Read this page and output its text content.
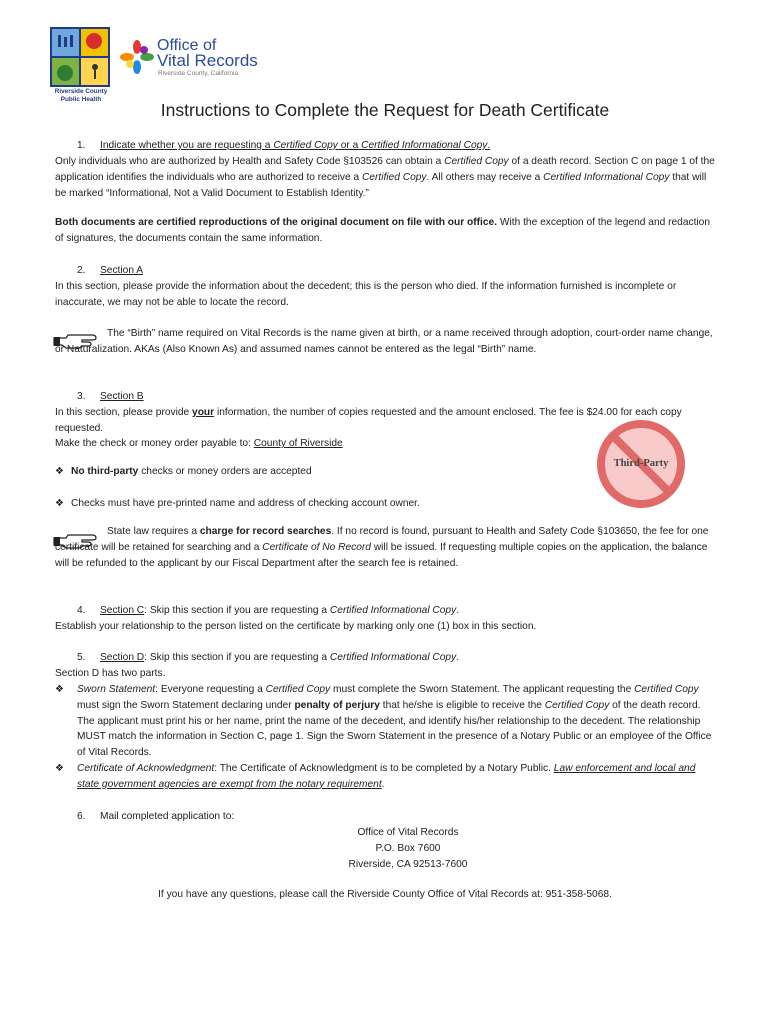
Riverside County Public Health
Office of
Vital Records
Riverside County, California
Instructions to Complete the Request for Death Certificate
1. Indicate whether you are requesting a Certified Copy or a Certified Informational Copy.
Only individuals who are authorized by Health and Safety Code §103526 can obtain a Certified Copy of a death record. Section C on page 1 of the application identifies the individuals who are authorized to receive a Certified Copy. All others may receive a Certified Informational Copy that will be marked “Informational, Not a Valid Document to Establish Identity.”
Both documents are certified reproductions of the original document on file with our office. With the exception of the legend and redaction of signatures, the documents contain the same information.
2. Section A
In this section, please provide the information about the decedent; this is the person who died. If the information furnished is incomplete or inaccurate, we may not be able to locate the record.
The “Birth” name required on Vital Records is the name given at birth, or a name received through adoption, court-order name change, or Naturalization. AKAs (Also Known As) and assumed names cannot be entered as the legal “Birth” name.
3. Section B
In this section, please provide your information, the number of copies requested and the amount enclosed. The fee is $24.00 for each copy requested.
Make the check or money order payable to: County of Riverside
❖ No third-party checks or money orders are accepted
❖ Checks must have pre-printed name and address of checking account owner.
Third-Party
State law requires a charge for record searches. If no record is found, pursuant to Health and Safety Code §103650, the fee for one certificate will be retained for searching and a Certificate of No Record will be issued. If requesting multiple copies on the application, the balance will be refunded to the applicant by our Fiscal Department after the search fee is retained.
4. Section C: Skip this section if you are requesting a Certified Informational Copy.
Establish your relationship to the person listed on the certificate by marking only one (1) box in this section.
5. Section D: Skip this section if you are requesting a Certified Informational Copy.
Section D has two parts.
❖	Sworn Statement: Everyone requesting a Certified Copy must complete the Sworn Statement. The applicant requesting the Certified Copy must sign the Sworn Statement declaring under penalty of perjury that he/she is eligible to receive the Certified Copy of the death record. The applicant must print his or her name, print the name of the decedent, and identify his/her relationship to the decedent. The relationship MUST match the information in Section C, page 1. Sign the Sworn Statement in the presence of a Notary Public or an employee of the Office of Vital Records.
❖	Certificate of Acknowledgment: The Certificate of Acknowledgment is to be completed by a Notary Public. Law enforcement and local and state government agencies are exempt from the notary requirement.
6. Mail completed application to:
Office of Vital Records
P.O. Box 7600
Riverside, CA 92513-7600
If you have any questions, please call the Riverside County Office of Vital Records at: 951-358-5068.
